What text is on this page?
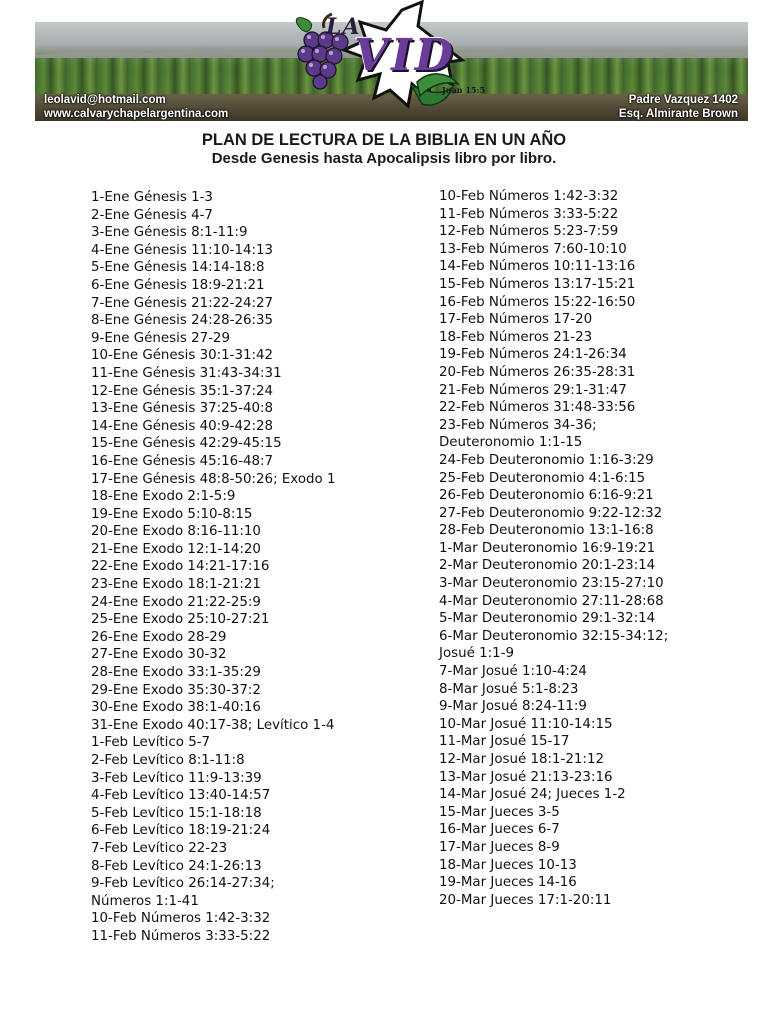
leolavid@hotmail.com
www.calvarychapelargentina.com
Padre Vazquez 1402
Esq. Almirante Brown
LA
VID
Juan 15:5
PLAN DE LECTURA DE LA BIBLIA EN UN AÑO
Desde Genesis hasta Apocalipsis libro por libro.
1-Ene Génesis 1-3
2-Ene Génesis 4-7
3-Ene Génesis 8:1-11:9
4-Ene Génesis 11:10-14:13
5-Ene Génesis 14:14-18:8
6-Ene Génesis 18:9-21:21
7-Ene Génesis 21:22-24:27
8-Ene Génesis 24:28-26:35
9-Ene Génesis 27-29
10-Ene Génesis 30:1-31:42
11-Ene Génesis 31:43-34:31
12-Ene Génesis 35:1-37:24
13-Ene Génesis 37:25-40:8
14-Ene Génesis 40:9-42:28
15-Ene Génesis 42:29-45:15
16-Ene Génesis 45:16-48:7
17-Ene Génesis 48:8-50:26; Exodo 1
18-Ene Exodo 2:1-5:9
19-Ene Exodo 5:10-8:15
20-Ene Exodo 8:16-11:10
21-Ene Exodo 12:1-14:20
22-Ene Exodo 14:21-17:16
23-Ene Exodo 18:1-21:21
24-Ene Exodo 21:22-25:9
25-Ene Exodo 25:10-27:21
26-Ene Exodo 28-29
27-Ene Exodo 30-32
28-Ene Exodo 33:1-35:29
29-Ene Exodo 35:30-37:2
30-Ene Exodo 38:1-40:16
31-Ene Exodo 40:17-38; Levítico 1-4
1-Feb Levítico 5-7
2-Feb Levítico 8:1-11:8
3-Feb Levítico 11:9-13:39
4-Feb Levítico 13:40-14:57
5-Feb Levítico 15:1-18:18
6-Feb Levítico 18:19-21:24
7-Feb Levítico 22-23
8-Feb Levítico 24:1-26:13
9-Feb Levítico 26:14-27:34;
Números 1:1-41
10-Feb Números 1:42-3:32
11-Feb Números 3:33-5:22
10-Feb Números 1:42-3:32
11-Feb Números 3:33-5:22
12-Feb Números 5:23-7:59
13-Feb Números 7:60-10:10
14-Feb Números 10:11-13:16
15-Feb Números 13:17-15:21
16-Feb Números 15:22-16:50
17-Feb Números 17-20
18-Feb Números 21-23
19-Feb Números 24:1-26:34
20-Feb Números 26:35-28:31
21-Feb Números 29:1-31:47
22-Feb Números 31:48-33:56
23-Feb Números 34-36;
Deuteronomio 1:1-15
24-Feb Deuteronomio 1:16-3:29
25-Feb Deuteronomio 4:1-6:15
26-Feb Deuteronomio 6:16-9:21
27-Feb Deuteronomio 9:22-12:32
28-Feb Deuteronomio 13:1-16:8
1-Mar Deuteronomio 16:9-19:21
2-Mar Deuteronomio 20:1-23:14
3-Mar Deuteronomio 23:15-27:10
4-Mar Deuteronomio 27:11-28:68
5-Mar Deuteronomio 29:1-32:14
6-Mar Deuteronomio 32:15-34:12;
Josué 1:1-9
7-Mar Josué 1:10-4:24
8-Mar Josué 5:1-8:23
9-Mar Josué 8:24-11:9
10-Mar Josué 11:10-14:15
11-Mar Josué 15-17
12-Mar Josué 18:1-21:12
13-Mar Josué 21:13-23:16
14-Mar Josué 24; Jueces 1-2
15-Mar Jueces 3-5
16-Mar Jueces 6-7
17-Mar Jueces 8-9
18-Mar Jueces 10-13
19-Mar Jueces 14-16
20-Mar Jueces 17:1-20:11
